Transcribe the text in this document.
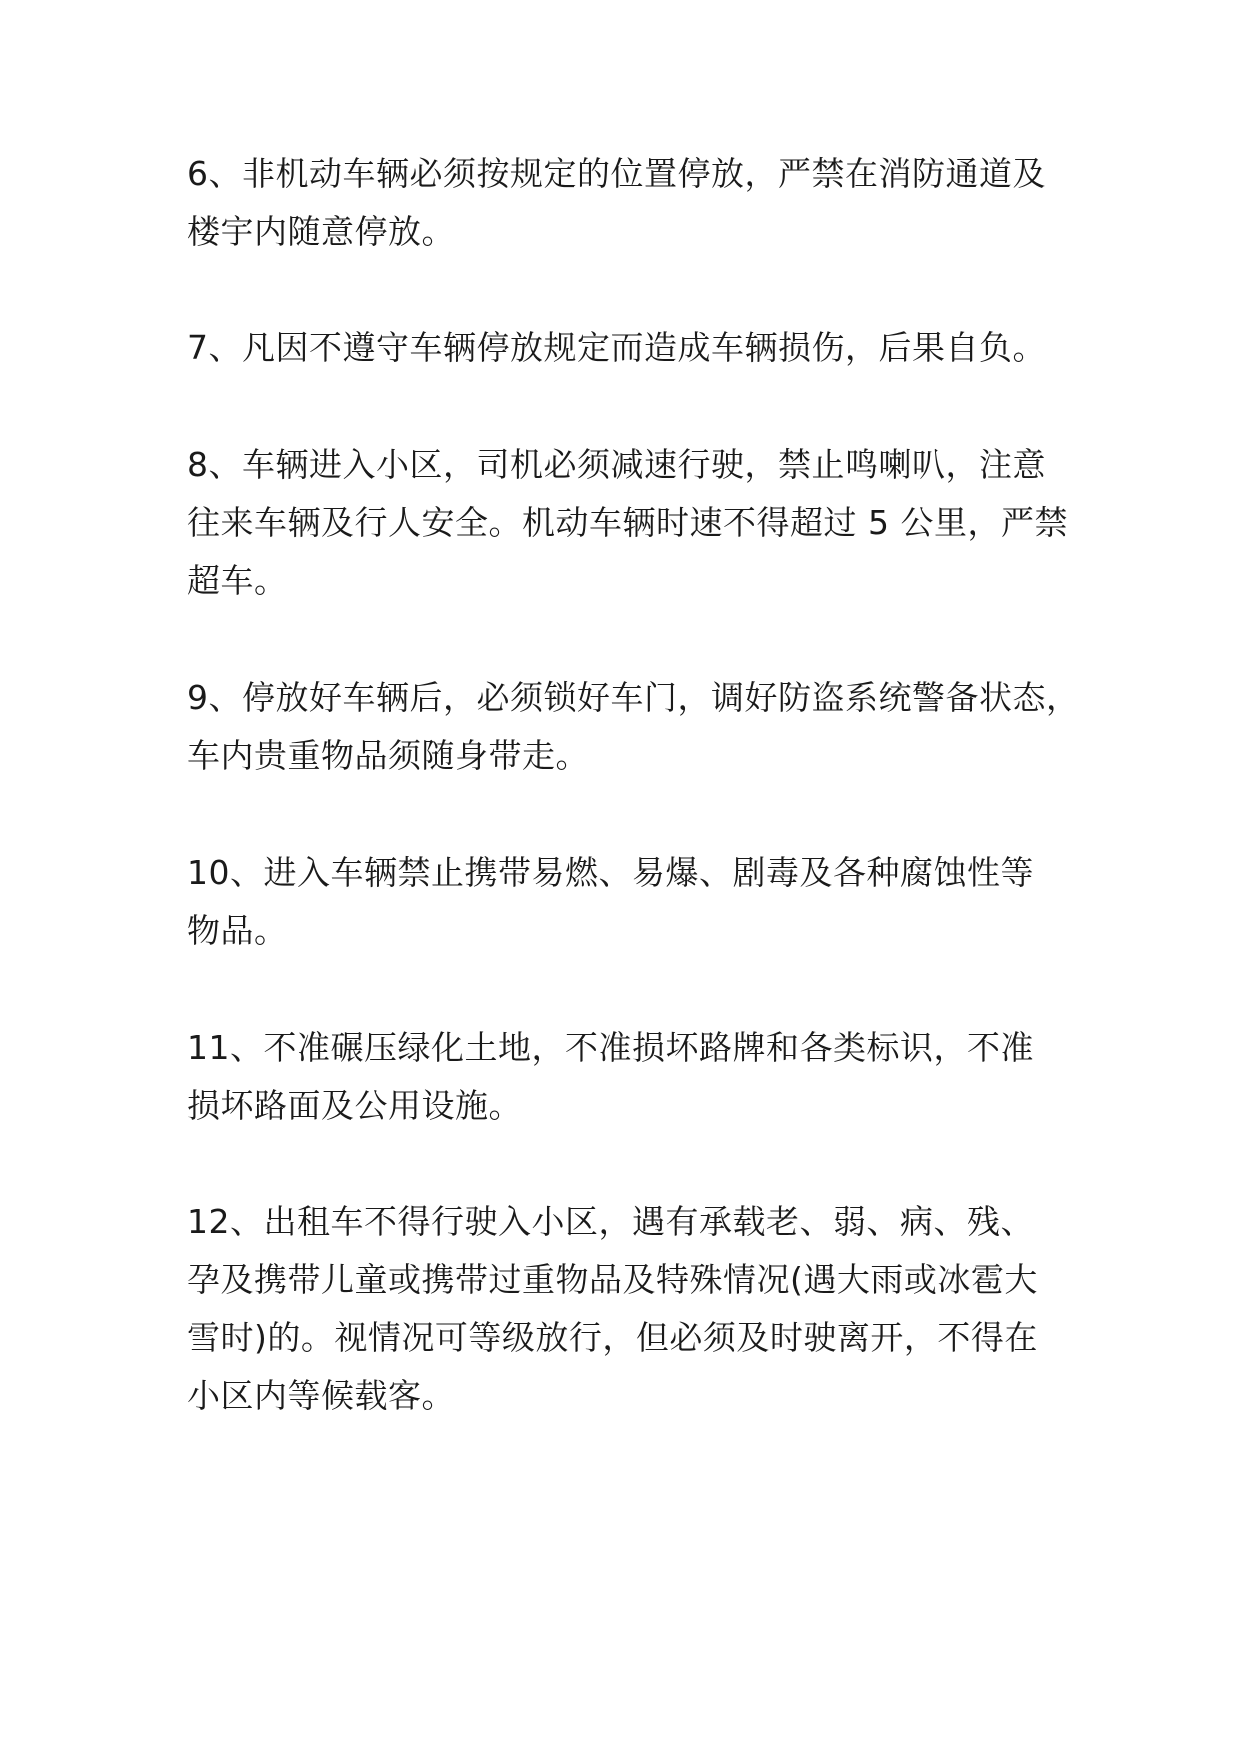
6、非机动车辆必须按规定的位置停放，严禁在消防通道及
楼宇内随意停放。
7、凡因不遵守车辆停放规定而造成车辆损伤，后果自负。
8、车辆进入小区，司机必须减速行驶，禁止鸣喇叭，注意
往来车辆及行人安全。机动车辆时速不得超过 5 公里，严禁
超车。
9、停放好车辆后，必须锁好车门，调好防盗系统警备状态，
车内贵重物品须随身带走。
10、进入车辆禁止携带易燃、易爆、剧毒及各种腐蚀性等
物品。
11、不准碾压绿化土地，不准损坏路牌和各类标识，不准
损坏路面及公用设施。
12、出租车不得行驶入小区，遇有承载老、弱、病、残、
孕及携带儿童或携带过重物品及特殊情况(遇大雨或冰雹大
雪时)的。视情况可等级放行，但必须及时驶离开，不得在
小区内等候载客。
